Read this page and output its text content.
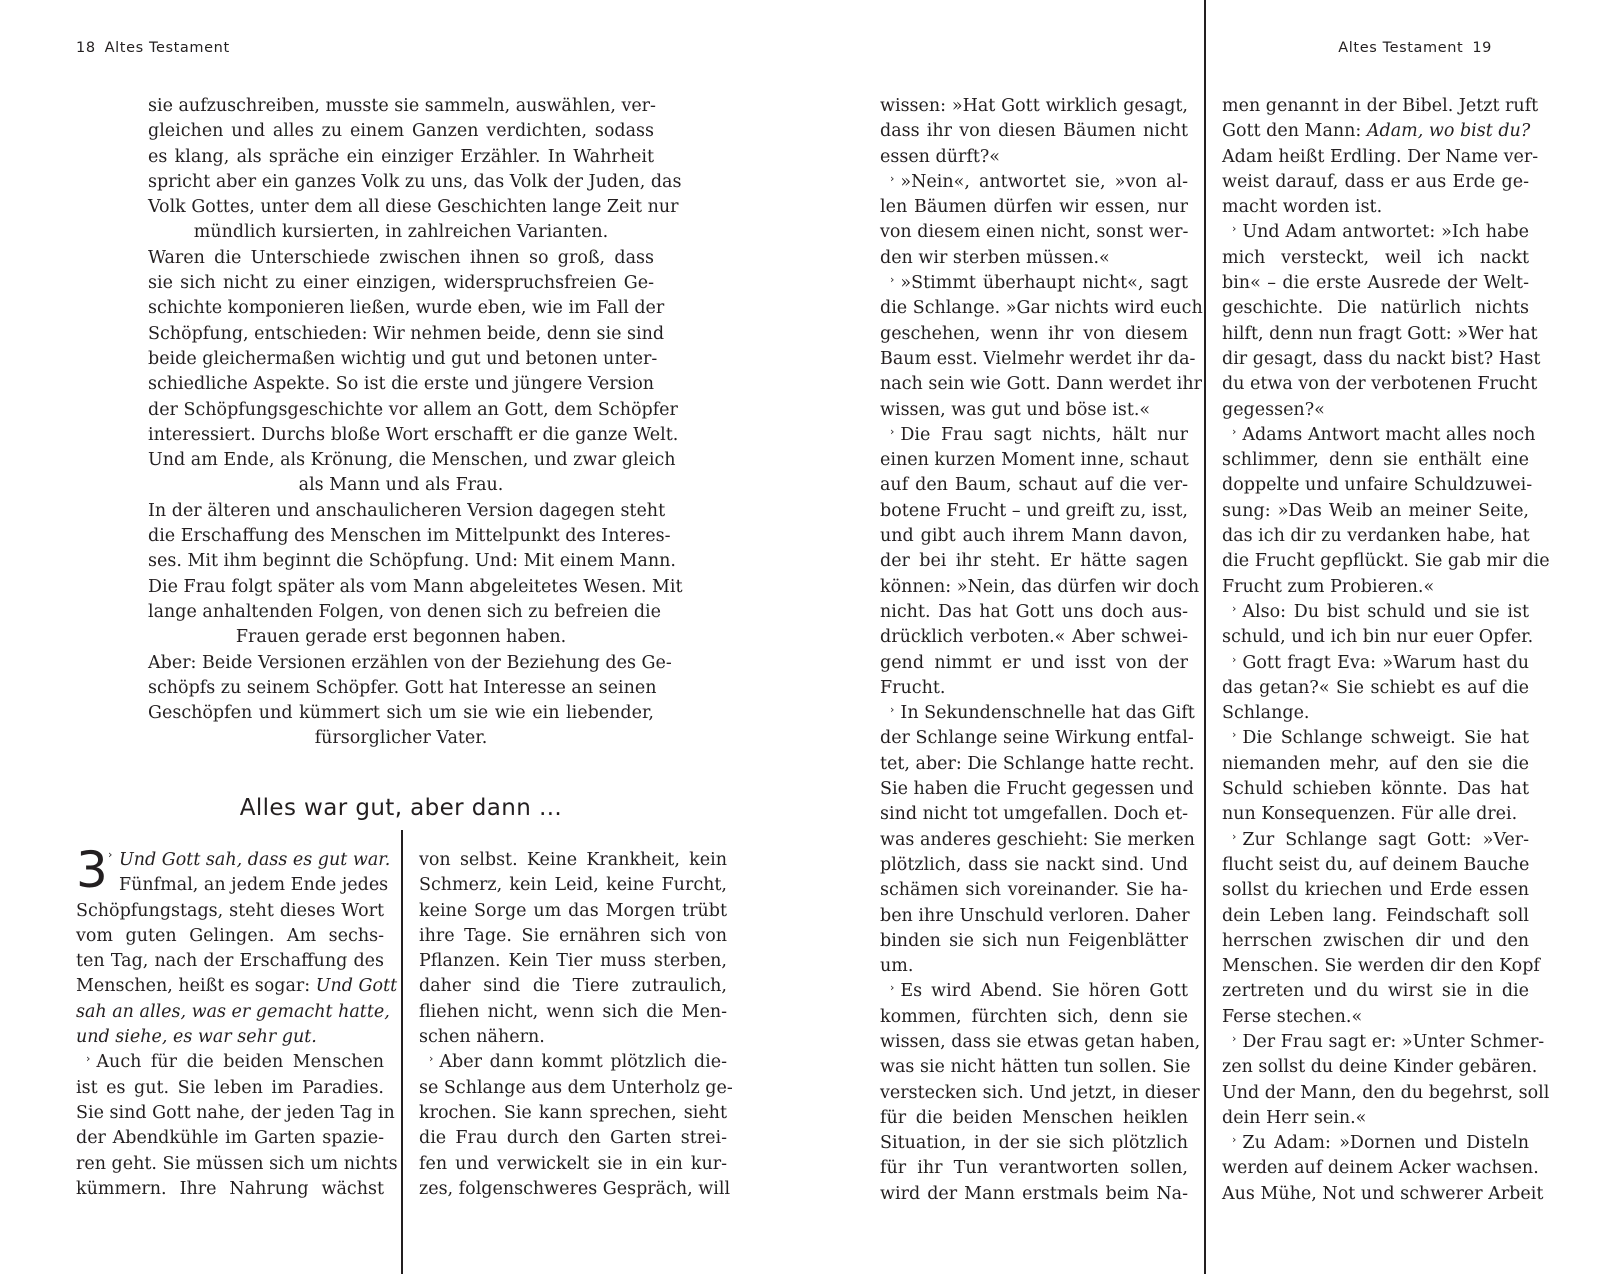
18 Altes Testament	Altes Testament 19
sie aufzuschreiben, musste sie sammeln, auswählen, ver-
gleichen und alles zu einem Ganzen verdichten, sodass
es klang, als spräche ein einziger Erzähler. In Wahrheit
spricht aber ein ganzes Volk zu uns, das Volk der Juden, das
Volk Gottes, unter dem all diese Geschichten lange Zeit nur
mündlich kursierten, in zahlreichen Varianten.
Waren die Unterschiede zwischen ihnen so groß, dass
sie sich nicht zu einer einzigen, widerspruchsfreien Ge-
schichte komponieren ließen, wurde eben, wie im Fall der
Schöpfung, entschieden: Wir nehmen beide, denn sie sind
beide gleichermaßen wichtig und gut und betonen unter-
schiedliche Aspekte. So ist die erste und jüngere Version
der Schöpfungsgeschichte vor allem an Gott, dem Schöpfer
interessiert. Durchs bloße Wort erschafft er die ganze Welt.
Und am Ende, als Krönung, die Menschen, und zwar gleich
als Mann und als Frau.
In der älteren und anschaulicheren Version dagegen steht
die Erschaffung des Menschen im Mittelpunkt des Interes-
ses. Mit ihm beginnt die Schöpfung. Und: Mit einem Mann.
Die Frau folgt später als vom Mann abgeleitetes Wesen. Mit
lange anhaltenden Folgen, von denen sich zu befreien die
Frauen gerade erst begonnen haben.
Aber: Beide Versionen erzählen von der Beziehung des Ge-
schöpfs zu seinem Schöpfer. Gott hat Interesse an seinen
Geschöpfen und kümmert sich um sie wie ein liebender,
fürsorglicher Vater.
Alles war gut, aber dann …
3 › Und Gott sah, dass es gut war.
Fünfmal, an jedem Ende jedes
Schöpfungstags, steht dieses Wort
vom guten Gelingen. Am sechs-
ten Tag, nach der Erschaffung des
Menschen, heißt es sogar: Und Gott
sah an alles, was er gemacht hatte,
und siehe, es war sehr gut.
› Auch für die beiden Menschen
ist es gut. Sie leben im Paradies.
Sie sind Gott nahe, der jeden Tag in
der Abendkühle im Garten spazie-
ren geht. Sie müssen sich um nichts
kümmern. Ihre Nahrung wächst
von selbst. Keine Krankheit, kein
Schmerz, kein Leid, keine Furcht,
keine Sorge um das Morgen trübt
ihre Tage. Sie ernähren sich von
Pflanzen. Kein Tier muss sterben,
daher sind die Tiere zutraulich,
fliehen nicht, wenn sich die Men-
schen nähern.
› Aber dann kommt plötzlich die-
se Schlange aus dem Unterholz ge-
krochen. Sie kann sprechen, sieht
die Frau durch den Garten strei-
fen und verwickelt sie in ein kur-
zes, folgenschweres Gespräch, will
wissen: »Hat Gott wirklich gesagt,
dass ihr von diesen Bäumen nicht
essen dürft?«
› »Nein«, antwortet sie, »von al-
len Bäumen dürfen wir essen, nur
von diesem einen nicht, sonst wer-
den wir sterben müssen.«
› »Stimmt überhaupt nicht«, sagt
die Schlange. »Gar nichts wird euch
geschehen, wenn ihr von diesem
Baum esst. Vielmehr werdet ihr da-
nach sein wie Gott. Dann werdet ihr
wissen, was gut und böse ist.«
› Die Frau sagt nichts, hält nur
einen kurzen Moment inne, schaut
auf den Baum, schaut auf die ver-
botene Frucht – und greift zu, isst,
und gibt auch ihrem Mann davon,
der bei ihr steht. Er hätte sagen
können: »Nein, das dürfen wir doch
nicht. Das hat Gott uns doch aus-
drücklich verboten.« Aber schwei-
gend nimmt er und isst von der
Frucht.
› In Sekundenschnelle hat das Gift
der Schlange seine Wirkung entfal-
tet, aber: Die Schlange hatte recht.
Sie haben die Frucht gegessen und
sind nicht tot umgefallen. Doch et-
was anderes geschieht: Sie merken
plötzlich, dass sie nackt sind. Und
schämen sich voreinander. Sie ha-
ben ihre Unschuld verloren. Daher
binden sie sich nun Feigenblätter
um.
› Es wird Abend. Sie hören Gott
kommen, fürchten sich, denn sie
wissen, dass sie etwas getan haben,
was sie nicht hätten tun sollen. Sie
verstecken sich. Und jetzt, in dieser
für die beiden Menschen heiklen
Situation, in der sie sich plötzlich
für ihr Tun verantworten sollen,
wird der Mann erstmals beim Na-
men genannt in der Bibel. Jetzt ruft
Gott den Mann: Adam, wo bist du?
Adam heißt Erdling. Der Name ver-
weist darauf, dass er aus Erde ge-
macht worden ist.
› Und Adam antwortet: »Ich habe
mich versteckt, weil ich nackt
bin« – die erste Ausrede der Welt-
geschichte. Die natürlich nichts
hilft, denn nun fragt Gott: »Wer hat
dir gesagt, dass du nackt bist? Hast
du etwa von der verbotenen Frucht
gegessen?«
› Adams Antwort macht alles noch
schlimmer, denn sie enthält eine
doppelte und unfaire Schuldzuwei-
sung: »Das Weib an meiner Seite,
das ich dir zu verdanken habe, hat
die Frucht gepflückt. Sie gab mir die
Frucht zum Probieren.«
› Also: Du bist schuld und sie ist
schuld, und ich bin nur euer Opfer.
› Gott fragt Eva: »Warum hast du
das getan?« Sie schiebt es auf die
Schlange.
› Die Schlange schweigt. Sie hat
niemanden mehr, auf den sie die
Schuld schieben könnte. Das hat
nun Konsequenzen. Für alle drei.
› Zur Schlange sagt Gott: »Ver-
flucht seist du, auf deinem Bauche
sollst du kriechen und Erde essen
dein Leben lang. Feindschaft soll
herrschen zwischen dir und den
Menschen. Sie werden dir den Kopf
zertreten und du wirst sie in die
Ferse stechen.«
› Der Frau sagt er: »Unter Schmer-
zen sollst du deine Kinder gebären.
Und der Mann, den du begehrst, soll
dein Herr sein.«
› Zu Adam: »Dornen und Disteln
werden auf deinem Acker wachsen.
Aus Mühe, Not und schwerer Arbeit
